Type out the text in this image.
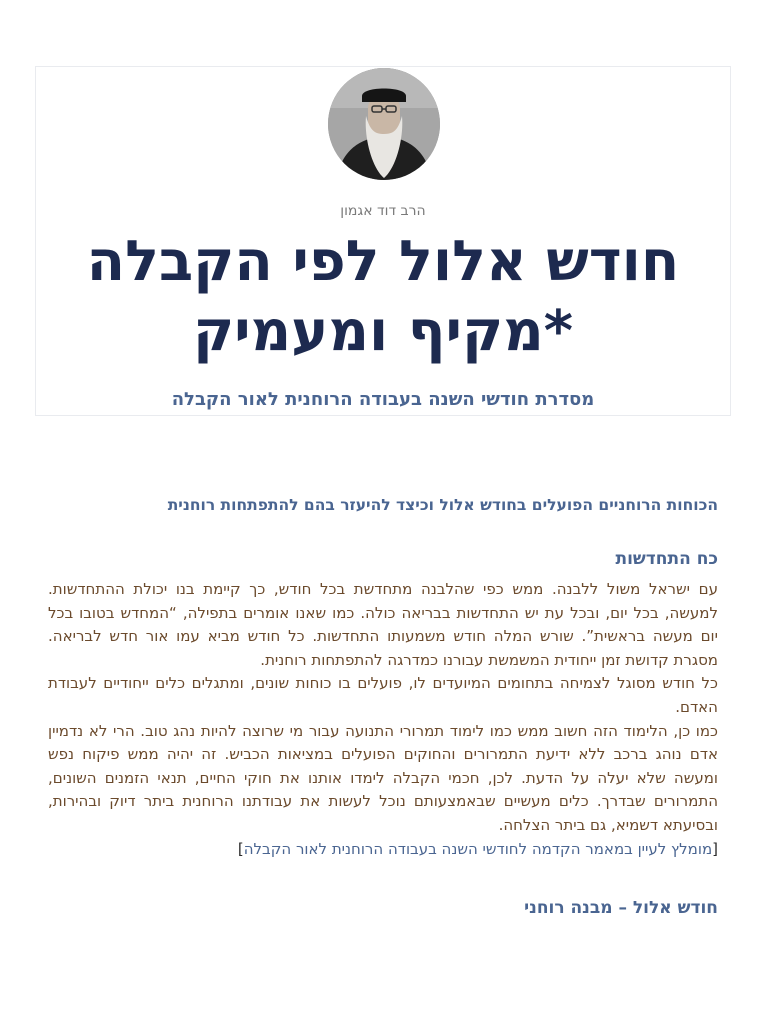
הרב דוד אגמון
חודש אלול לפי הקבלה
*מקיף ומעמיק
מסדרת חודשי השנה בעבודה הרוחנית לאור הקבלה

הכוחות הרוחניים הפועלים בחודש אלול וכיצד להיעזר בהם להתפתחות רוחנית

כח התחדשות

עם ישראל משול ללבנה. ממש כפי שהלבנה מתחדשת בכל חודש, כך קיימת בנו יכולת ההתחדשות. למעשה, בכל יום, ובכל עת יש התחדשות בבריאה כולה. כמו שאנו אומרים בתפילה, “המחדש בטובו בכל יום מעשה בראשית”. שורש המלה חודש משמעותו התחדשות. כל חודש מביא עמו אור חדש לבריאה. מסגרת קדושת זמן ייחודית המשמשת עבורנו כמדרגה להתפתחות רוחנית.
כל חודש מסוגל לצמיחה בתחומים המיועדים לו, פועלים בו כוחות שונים, ומתגלים כלים ייחודיים לעבודת האדם.
כמו כן, הלימוד הזה חשוב ממש כמו לימוד תמרורי התנועה עבור מי שרוצה להיות נהג טוב. הרי לא נדמיין אדם נוהג ברכב ללא ידיעת התמרורים והחוקים הפועלים במציאות הכביש. זה יהיה ממש פיקוח נפש ומעשה שלא יעלה על הדעת. לכן, חכמי הקבלה לימדו אותנו את חוקי החיים, תנאי הזמנים השונים, התמרורים שבדרך. כלים מעשיים שבאמצעותם נוכל לעשות את עבודתנו הרוחנית ביתר דיוק ובהירות, ובסיעתא דשמיא, גם ביתר הצלחה.

[מומלץ לעיין במאמר הקדמה לחודשי השנה בעבודה הרוחנית לאור הקבלה]

חודש אלול – מבנה רוחני
